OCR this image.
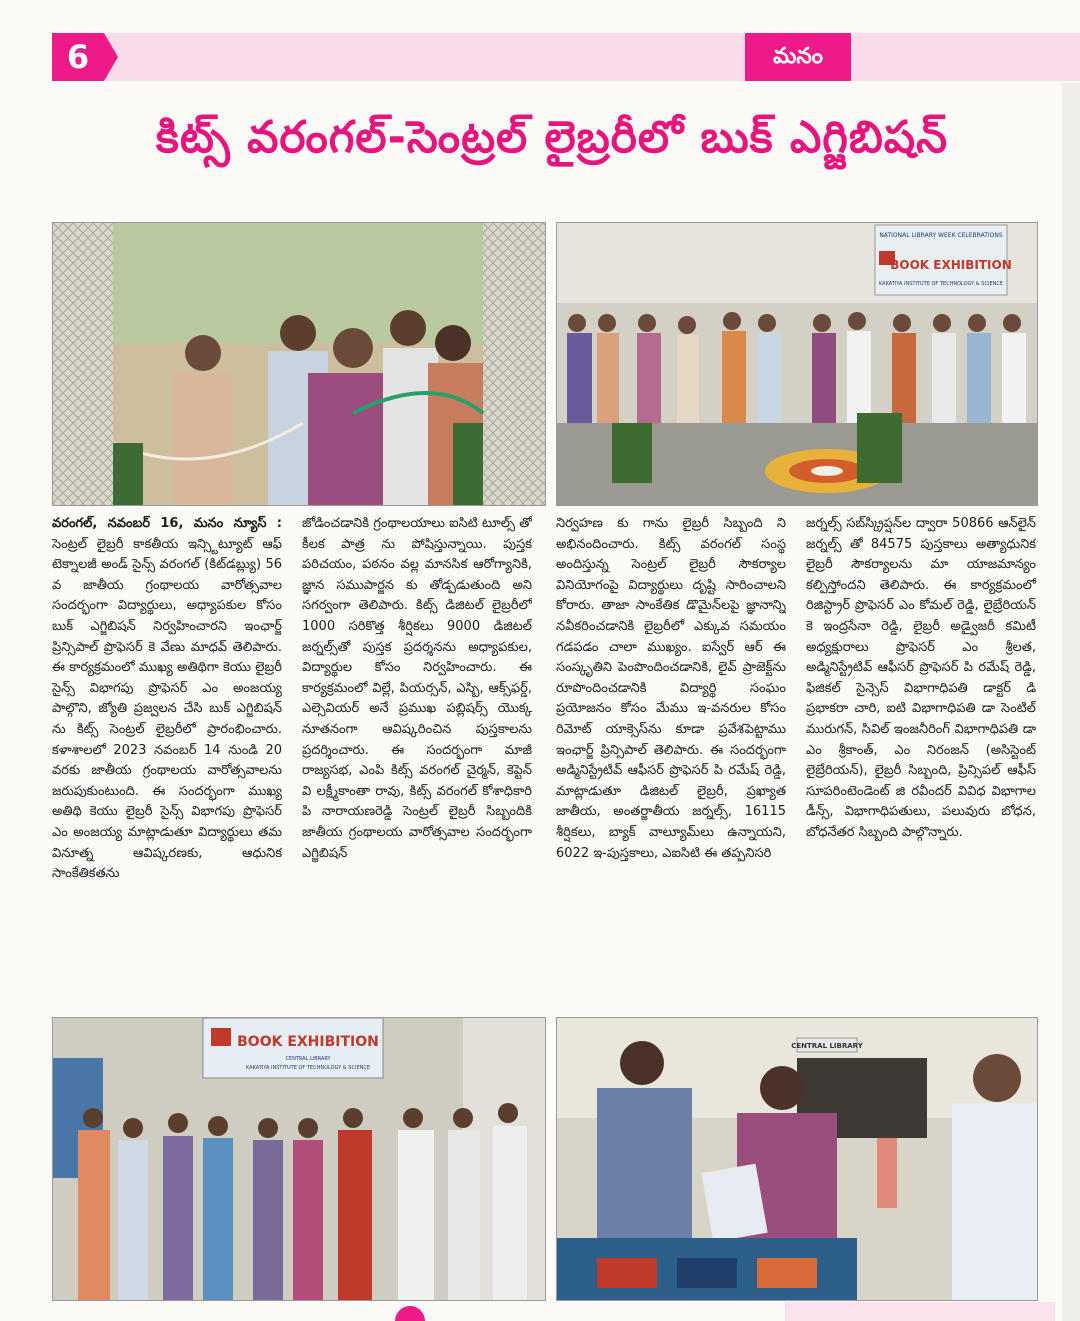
6	మనం
కిట్స్ వరంగల్-సెంట్రల్ లైబ్రరీలో బుక్ ఎగ్జిబిషన్
NATIONAL LIBRARY WEEK CELEBRATIONS
BOOK EXHIBITION
KAKATIYA INSTITUTE OF TECHNOLOGY & SCIENCE
వరంగల్, నవంబర్ 16, మనం న్యూస్ : సెంట్రల్ లైబ్రరీ కాకతీయ ఇన్స్టిట్యూట్ ఆఫ్ టెక్నాలజీ అండ్ సైన్స్ వరంగల్ (కిట్‌డబ్ల్యు) 56 వ జాతీయ గ్రంథాలయ వారోత్సవాల సందర్భంగా విద్యార్థులు, అధ్యాపకుల కోసం బుక్ ఎగ్జిబిషన్ నిర్వహించారని ఇంఛార్జ్ ప్రిన్సిపాల్ ప్రొఫెసర్ కె వేణు మాధవ్ తెలిపారు. ఈ కార్యక్రమంలో ముఖ్య అతిథిగా కెయు లైబ్రరీ సైన్స్ విభాగపు ప్రొఫెసర్ ఎం అంజయ్య పాల్గొని, జ్యోతి ప్రజ్వలన చేసి బుక్ ఎగ్జిబిషన్ ను కిట్స్ సెంట్రల్ లైబ్రరీలో ప్రారంభించారు. కళాశాలలో 2023 నవంబర్ 14 నుండి 20 వరకు జాతీయ గ్రంథాలయ వారోత్సవాలను జరుపుకుంటుంది. ఈ సందర్భంగా ముఖ్య అతిథి కెయు లైబ్రరీ సైన్స్ విభాగపు ప్రొఫెసర్ ఎం అంజయ్య మాట్లాడుతూ విద్యార్థులు తమ వినూత్న ఆవిష్కరణకు, ఆధునిక సాంకేతికతను
జోడించడానికి గ్రంథాలయాలు ఐసిటి టూల్స్ తో కీలక పాత్ర ను పోషిస్తున్నాయి. పుస్తక పరిచయం, పఠనం వల్ల మానసిక ఆరోగ్యానికి, జ్ఞాన సముపార్జన కు తోడ్పడుతుంది అని సగర్వంగా తెలిపారు. కిట్స్ డిజిటల్ లైబ్రరీలో 1000 సరికొత్త శీర్షికలు 9000 డిజిటల్ జర్నల్స్‌తో పుస్తక ప్రదర్శనను అధ్యాపకుల, విద్యార్థుల కోసం నిర్వహించారు. ఈ కార్యక్రమంలో విల్లే, పియర్సన్, ఎస్బి, ఆక్స్‌ఫర్డ్, ఎల్సెవియర్ అనే ప్రముఖ పబ్లిషర్స్ యొక్క నూతనంగా ఆవిష్కరించిన పుస్తకాలను ప్రదర్శించారు. ఈ సందర్భంగా మాజీ రాజ్యసభ, ఎంపి కిట్స్ వరంగల్ చైర్మన్, కెప్టెన్ వి లక్ష్మీకాంతా రావు, కిట్స్ వరంగల్ కోశాధికారి పి నారాయణరెడ్డి సెంట్రల్ లైబ్రరీ సిబ్బందికి జాతీయ గ్రంథాలయ వారోత్సవాల సందర్భంగా ఎగ్జిబిషన్
నిర్వహణ కు గాను లైబ్రరీ సిబ్బంది ని అభినందించారు. కిట్స్ వరంగల్ సంస్థ అందిస్తున్న సెంట్రల్ లైబ్రరీ సౌకర్యాల వినియోగంపై విద్యార్థులు దృష్టి సారించాలని కోరారు. తాజా సాంకేతిక డొమైన్‌లపై జ్ఞానాన్ని నవీకరించడానికి లైబ్రరీలో ఎక్కువ సమయం గడపడం చాలా ముఖ్యం. ఐస్వేర్ ఆర్ ఈ సంస్కృతిని పెంపొందించడానికి, లైవ్ ప్రాజెక్ట్‌ను రూపొందించడానికి విద్యార్థి సంఘం ప్రయోజనం కోసం మేము ఇ-వనరుల కోసం రిమోట్ యాక్సెస్‌ను కూడా ప్రవేశపెట్టాము ఇంఛార్జ్ ప్రిన్సిపాల్ తెలిపారు. ఈ సందర్భంగా అడ్మినిస్ట్రేటివ్ ఆఫీసర్ ప్రొఫెసర్ పి రమేష్ రెడ్డి, మాట్లాడుతూ డిజిటల్ లైబ్రరీ, ప్రఖ్యాత జాతీయ, అంతర్జాతీయ జర్నల్స్, 16115 శీర్షికలు, బ్యాక్ వాల్యూమ్‌లు ఉన్నాయని, 6022 ఇ-పుస్తకాలు, ఎఐసిటి ఈ తప్పనిసరి
జర్నల్స్ సబ్‌స్క్రిప్షన్‌ల ద్వారా 50866 ఆన్‌లైన్ జర్నల్స్ తో 84575 పుస్తకాలు అత్యాధునిక లైబ్రరీ సౌకర్యాలను మా యాజమాన్యం కల్పిస్తోందని తెలిపారు. ఈ కార్యక్రమంలో రిజిస్ట్రార్ ప్రొఫెసర్ ఎం కోమల్ రెడ్డి, లైబ్రేరియన్ కె ఇంద్రసేనా రెడ్డి, లైబ్రరీ అడ్వైజరీ కమిటీ అధ్యక్షురాలు ప్రొఫెసర్ ఎం శ్రీలత, అడ్మినిస్ట్రేటివ్ ఆఫీసర్ ప్రొఫెసర్ పి రమేష్ రెడ్డి, ఫిజికల్ సైన్సెస్ విభాగాధిపతి డాక్టర్ డి ప్రభాకరా చారి, ఐటి విభాగాధిపతి డా సెంటిల్ మురుగన్, సివిల్ ఇంజనీరింగ్ విభాగాధిపతి డా ఎం శ్రీకాంత్, ఎం నిరంజన్ (అసిస్టెంట్ లైబ్రేరియన్), లైబ్రరీ సిబ్బంది, ప్రిన్సిపల్ ఆఫీస్ సూపరింటెండెంట్ జి రవీందర్ వివిధ విభాగాల డీన్స్, విభాగాధిపతులు, పలువురు బోధన, బోధనేతర సిబ్బంది పాల్గొన్నారు.
BOOK EXHIBITION
CENTRAL LIBRARY
KAKATIYA INSTITUTE OF TECHNOLOGY & SCIENCE
CENTRAL LIBRARY
